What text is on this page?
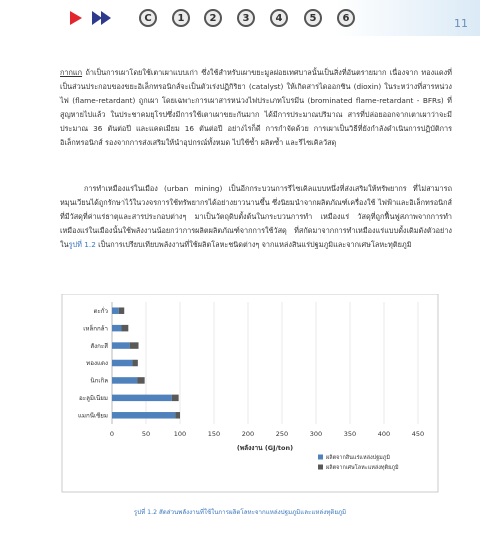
C	1	2	3	4	5	6	11
กากแก ถ้าเป็นการเผาโดยใช้เตาเผาแบบเก่า ซึ่งใช้สำหรับเผาขยะมูลฝอยเทศบาลนั้นเป็นสิ่งที่อันตรายมาก เนื่องจาก ทองแดงที่เป็นส่วนประกอบของขยะอิเล็กทรอนิกส์จะเป็นตัวเร่งปฏิกิริยา (catalyst) ให้เกิดสารไดออกซิน (dioxin) ในระหว่างที่สารหน่วงไฟ (flame-retardant) ถูกเผา โดยเฉพาะการเผาสารหน่วงไฟประเภทโบรมีน (brominated flame-retardant - BFRs) ที่สูญหายไปแล้ว ในประชาคมยุโรปซึ่งมีการใช้เตาเผาขยะกันมาก ได้มีการประมาณปริมาณ สารที่ปล่อยออกจากเตาเผาว่าจะมีประมาณ 36 ตันต่อปี และแคดเมียม 16 ตันต่อปี อย่างไรก็ดี การกำจัดด้วย การเผาเป็นวิธีที่ยังกำลังดำเนินการปฏิบัติการอิเล็กทรอนิกส์ รองจากการส่งเสริมให้นำอุปกรณ์ทั้งหมด ไปใช้ซ้ำ ผลิตซ้ำ และรีไซเคิลวัสดุ
การทำเหมืองแร่ในเมือง (urban mining) เป็นอีกกระบวนการรีไซเคิลแบบหนึ่งที่ส่งเสริมให้ทรัพยากร ที่ไม่สามารถหมุนเวียนได้ถูกรักษาไว้ในวงจรการใช้ทรัพยากรได้อย่างยาวนานขึ้น ซึ่งนิยมนำจากผลิตภัณฑ์เครื่องใช้ ไฟฟ้าและอิเล็กทรอนิกส์ที่มีวัสดุที่ค่าแร่ธาตุและสารประกอบต่างๆ มาเป็นวัตถุดิบตั้งต้นในกระบวนการทำ เหมืองแร่ วัสดุที่ถูกฟื้นฟูสภาพจากการทำเหมืองแร่ในเมืองนั้นใช้พลังงานน้อยกว่าการผลิตผลิตภัณฑ์จากการใช้วัสดุ ที่สกัดมาจากการทำเหมืองแร่แบบดั้งเดิมดังตัวอย่างในรูปที่ 1.2 เป็นการเปรียบเทียบพลังงานที่ใช้ผลิตโลหะชนิดต่างๆ จากแหล่งสินแร่ปฐมภูมิและจากเศษโลหะทุติยภูมิ
ตะกั่ว
เหล็กกล้า
สังกะสี
ทองแดง
นิกเกิล
อะลูมิเนียม
แมกนีเซียม
0	50	100	150	200	250	300	350	400	450
(พลังงาน (GJ/ton)
ผลิตจากสินแร่แหล่งปฐมภูมิ
ผลิตจากเศษโลหะแหล่งทุติยภูมิ
รูปที่ 1.2 สัดส่วนพลังงานที่ใช้ในการผลิตโลหะจากแหล่งปฐมภูมิและแหล่งทุติยภูมิ
